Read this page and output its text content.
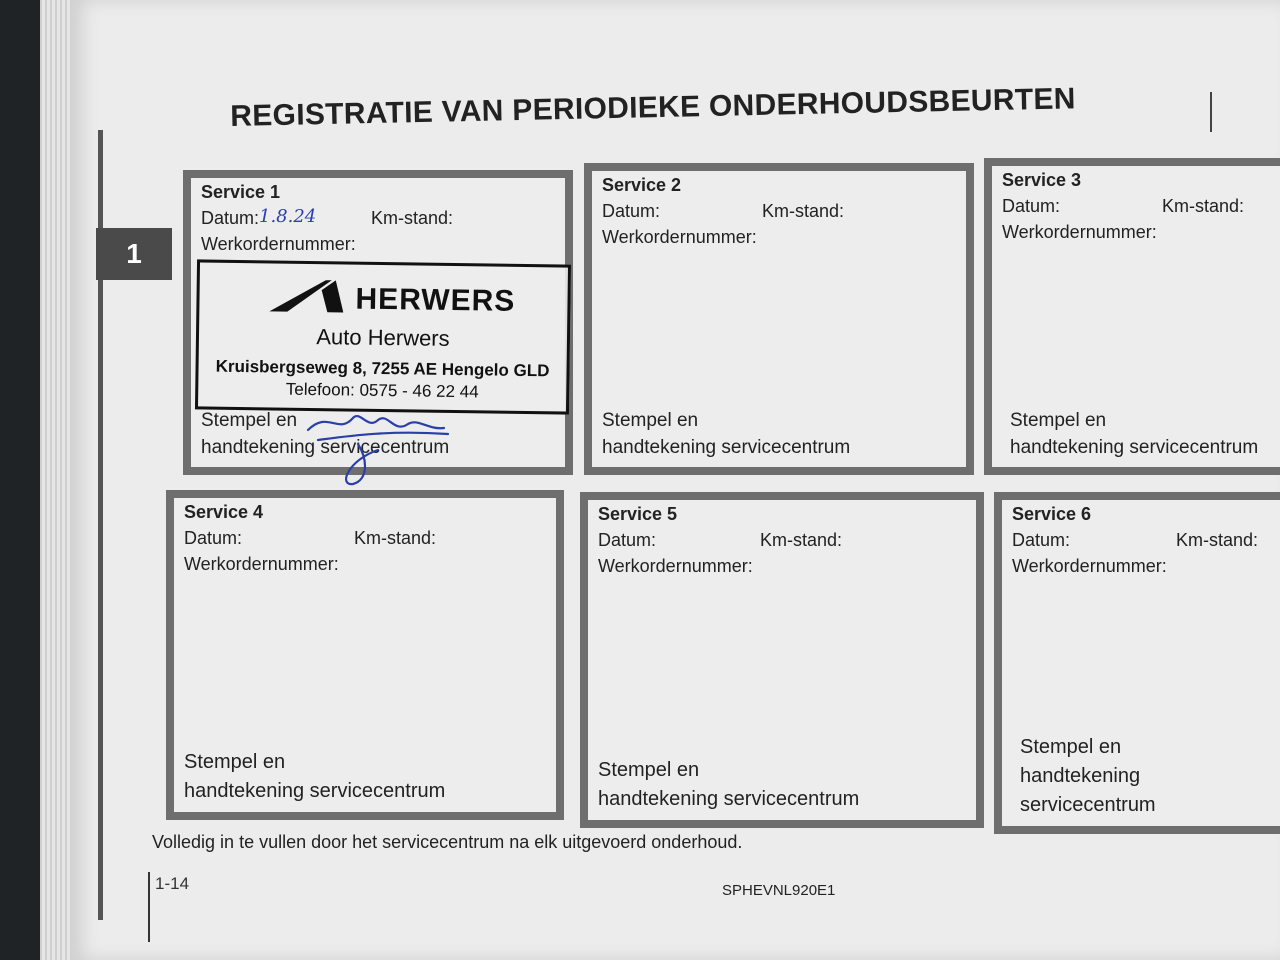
REGISTRATIE VAN PERIODIEKE ONDERHOUDSBEURTEN
1
Service 1
Datum: 1.8.24	Km-stand:
Werkordernummer:
Stempel en
handtekening servicecentrum
Service 2
Datum:	Km-stand:
Werkordernummer:
Stempel en
handtekening servicecentrum
Service 3
Datum:	Km-stand:
Werkordernummer:
Stempel en
handtekening servicecentrum
Service 4
Datum:	Km-stand:
Werkordernummer:
Stempel en
handtekening servicecentrum
Service 5
Datum:	Km-stand:
Werkordernummer:
Stempel en
handtekening servicecentrum
Service 6
Datum:	Km-stand:
Werkordernummer:
Stempel en
handtekening servicecentrum
HERWERS
Auto Herwers
Kruisbergseweg 8, 7255 AE Hengelo GLD
Telefoon: 0575 - 46 22 44
Volledig in te vullen door het servicecentrum na elk uitgevoerd onderhoud.
1-14	SPHEVNL920E1
